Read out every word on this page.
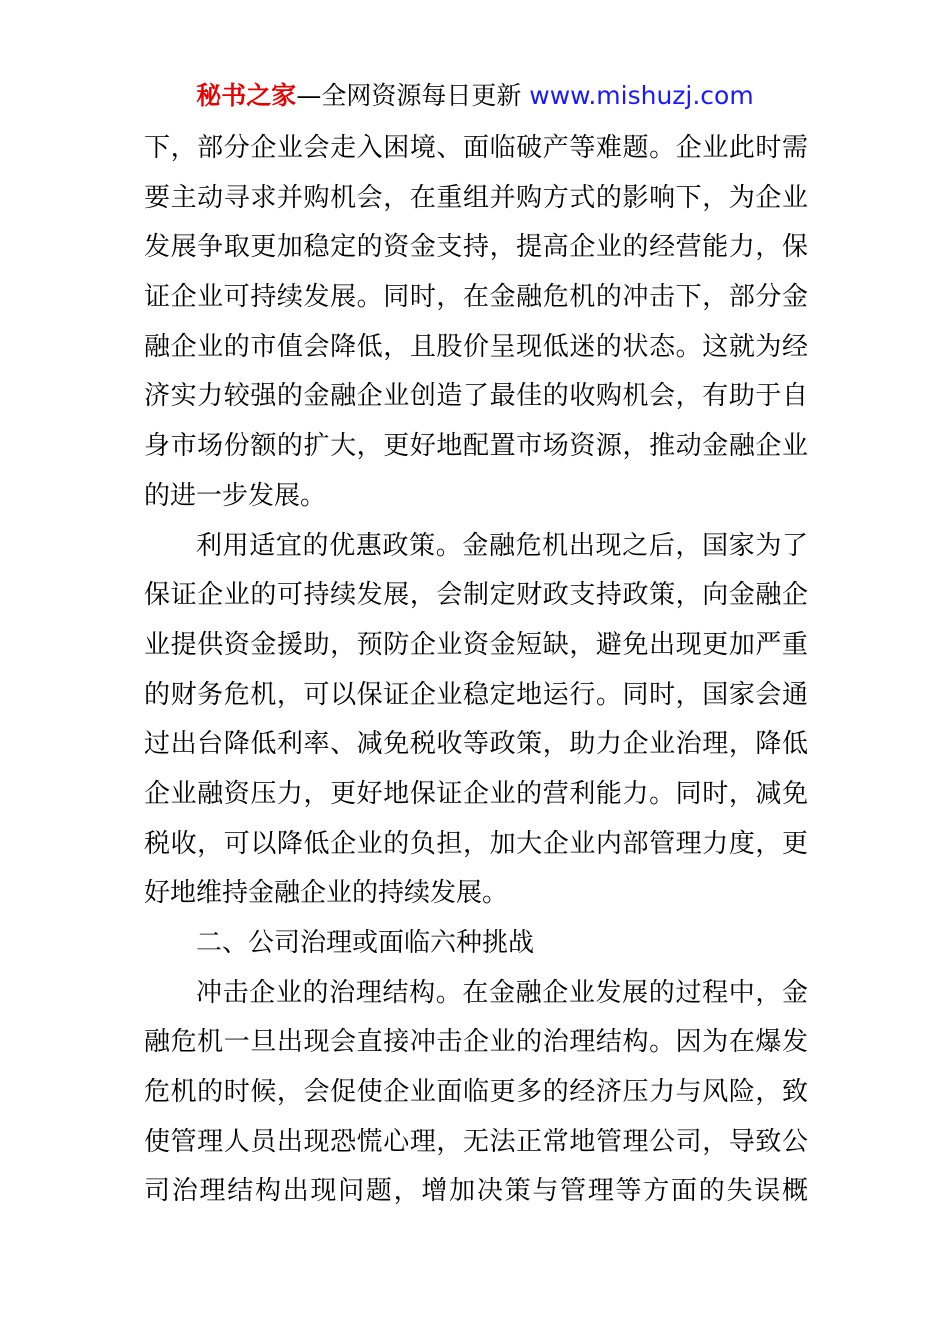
秘书之家—全网资源每日更新 www.mishuzj.com
下，部分企业会走入困境、面临破产等难题。企业此时需
要主动寻求并购机会，在重组并购方式的影响下，为企业
发展争取更加稳定的资金支持，提高企业的经营能力，保
证企业可持续发展。同时，在金融危机的冲击下，部分金
融企业的市值会降低，且股价呈现低迷的状态。这就为经
济实力较强的金融企业创造了最佳的收购机会，有助于自
身市场份额的扩大，更好地配置市场资源，推动金融企业
的进一步发展。
利用适宜的优惠政策。金融危机出现之后，国家为了
保证企业的可持续发展，会制定财政支持政策，向金融企
业提供资金援助，预防企业资金短缺，避免出现更加严重
的财务危机，可以保证企业稳定地运行。同时，国家会通
过出台降低利率、减免税收等政策，助力企业治理，降低
企业融资压力，更好地保证企业的营利能力。同时，减免
税收，可以降低企业的负担，加大企业内部管理力度，更
好地维持金融企业的持续发展。
二、公司治理或面临六种挑战
冲击企业的治理结构。在金融企业发展的过程中，金
融危机一旦出现会直接冲击企业的治理结构。因为在爆发
危机的时候，会促使企业面临更多的经济压力与风险，致
使管理人员出现恐慌心理，无法正常地管理公司，导致公
司治理结构出现问题，增加决策与管理等方面的失误概
